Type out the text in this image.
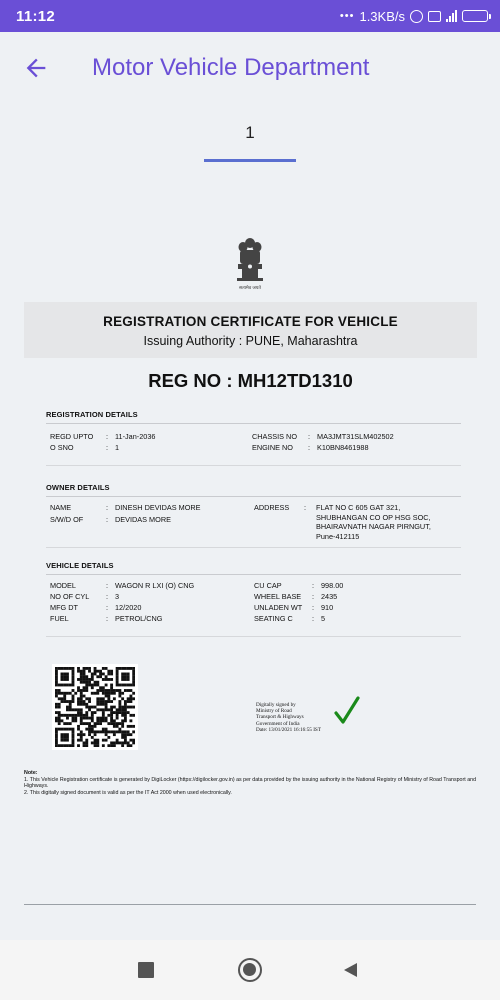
11:12	••• 1.3KB/s
Motor Vehicle Department
1
सत्यमेव जयते
REGISTRATION CERTIFICATE FOR VEHICLE
Issuing Authority : PUNE, Maharashtra
REG NO : MH12TD1310
REGISTRATION DETAILS
REGD UPTO	: 11-Jan-2036
O SNO	: 1
CHASSIS NO	: MA3JMT31SLM402502
ENGINE NO	: K10BN8461988
OWNER DETAILS
NAME	: DINESH DEVIDAS MORE
S/W/D OF	: DEVIDAS MORE
ADDRESS	:	FLAT NO C 605 GAT 321,
SHUBHANGAN CO OP HSG SOC,
BHAIRAVNATH NAGAR PIRNGUT,
Pune-412115
VEHICLE DETAILS
MODEL	: WAGON R LXI (O) CNG
NO OF CYL	: 3
MFG DT	: 12/2020
FUEL	: PETROL/CNG
CU CAP	: 998.00
WHEEL BASE	: 2435
UNLADEN WT	: 910
SEATING C	: 5
Digitally signed by
Ministry of Road
Transport & Highways
Government of India
Date: 13/01/2021 16:16:55 IST
Note:
1. This Vehicle Registration certificate is generated by DigiLocker (https://digilocker.gov.in) as per data provided by the issuing authority in the National Registry of Ministry of Road Transport and Highways.
2. This digitally signed document is valid as per the IT Act 2000 when used electronically.
